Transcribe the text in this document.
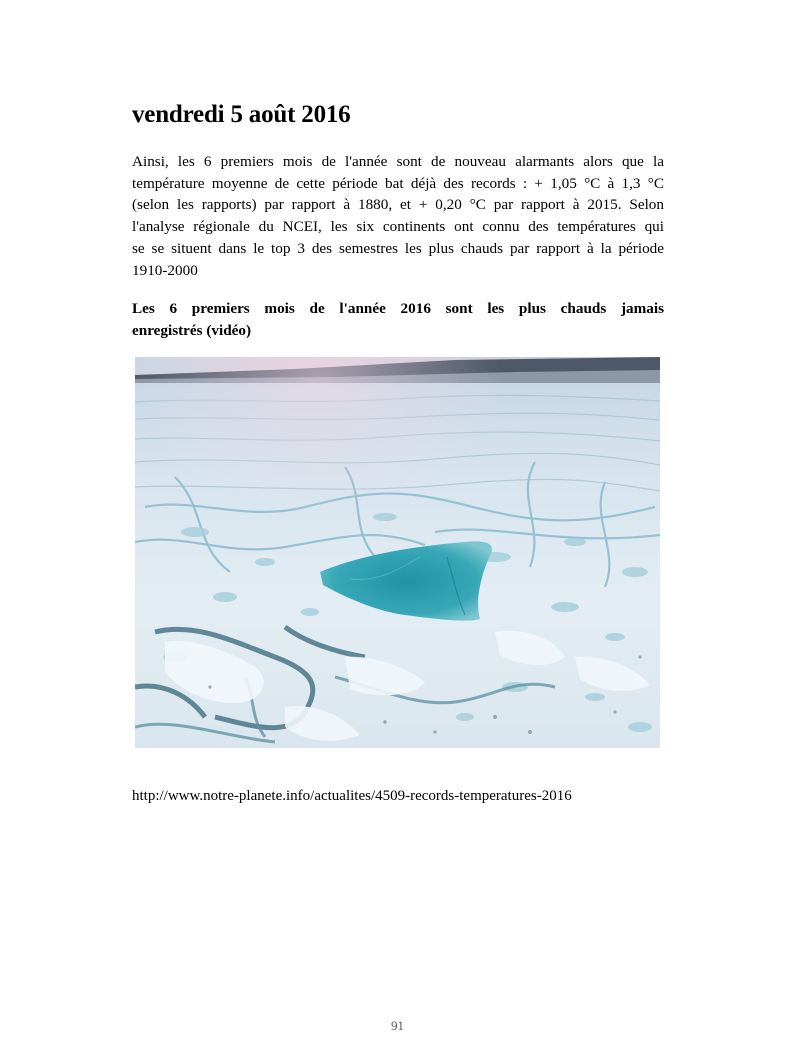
vendredi 5 août 2016
Ainsi, les 6 premiers mois de l'année sont de nouveau alarmants alors que la
température moyenne de cette période bat déjà des records : + 1,05 °C à 1,3 °C
(selon les rapports) par rapport à 1880, et + 0,20 °C par rapport à 2015. Selon
l'analyse régionale du NCEI, les six continents ont connu des températures qui
se se situent dans le top 3 des semestres les plus chauds par rapport à la période
1910-2000
Les 6 premiers mois de l'année 2016 sont les plus chauds jamais
enregistrés (vidéo)

http://www.notre-planete.info/actualites/4509-records-temperatures-2016

91
